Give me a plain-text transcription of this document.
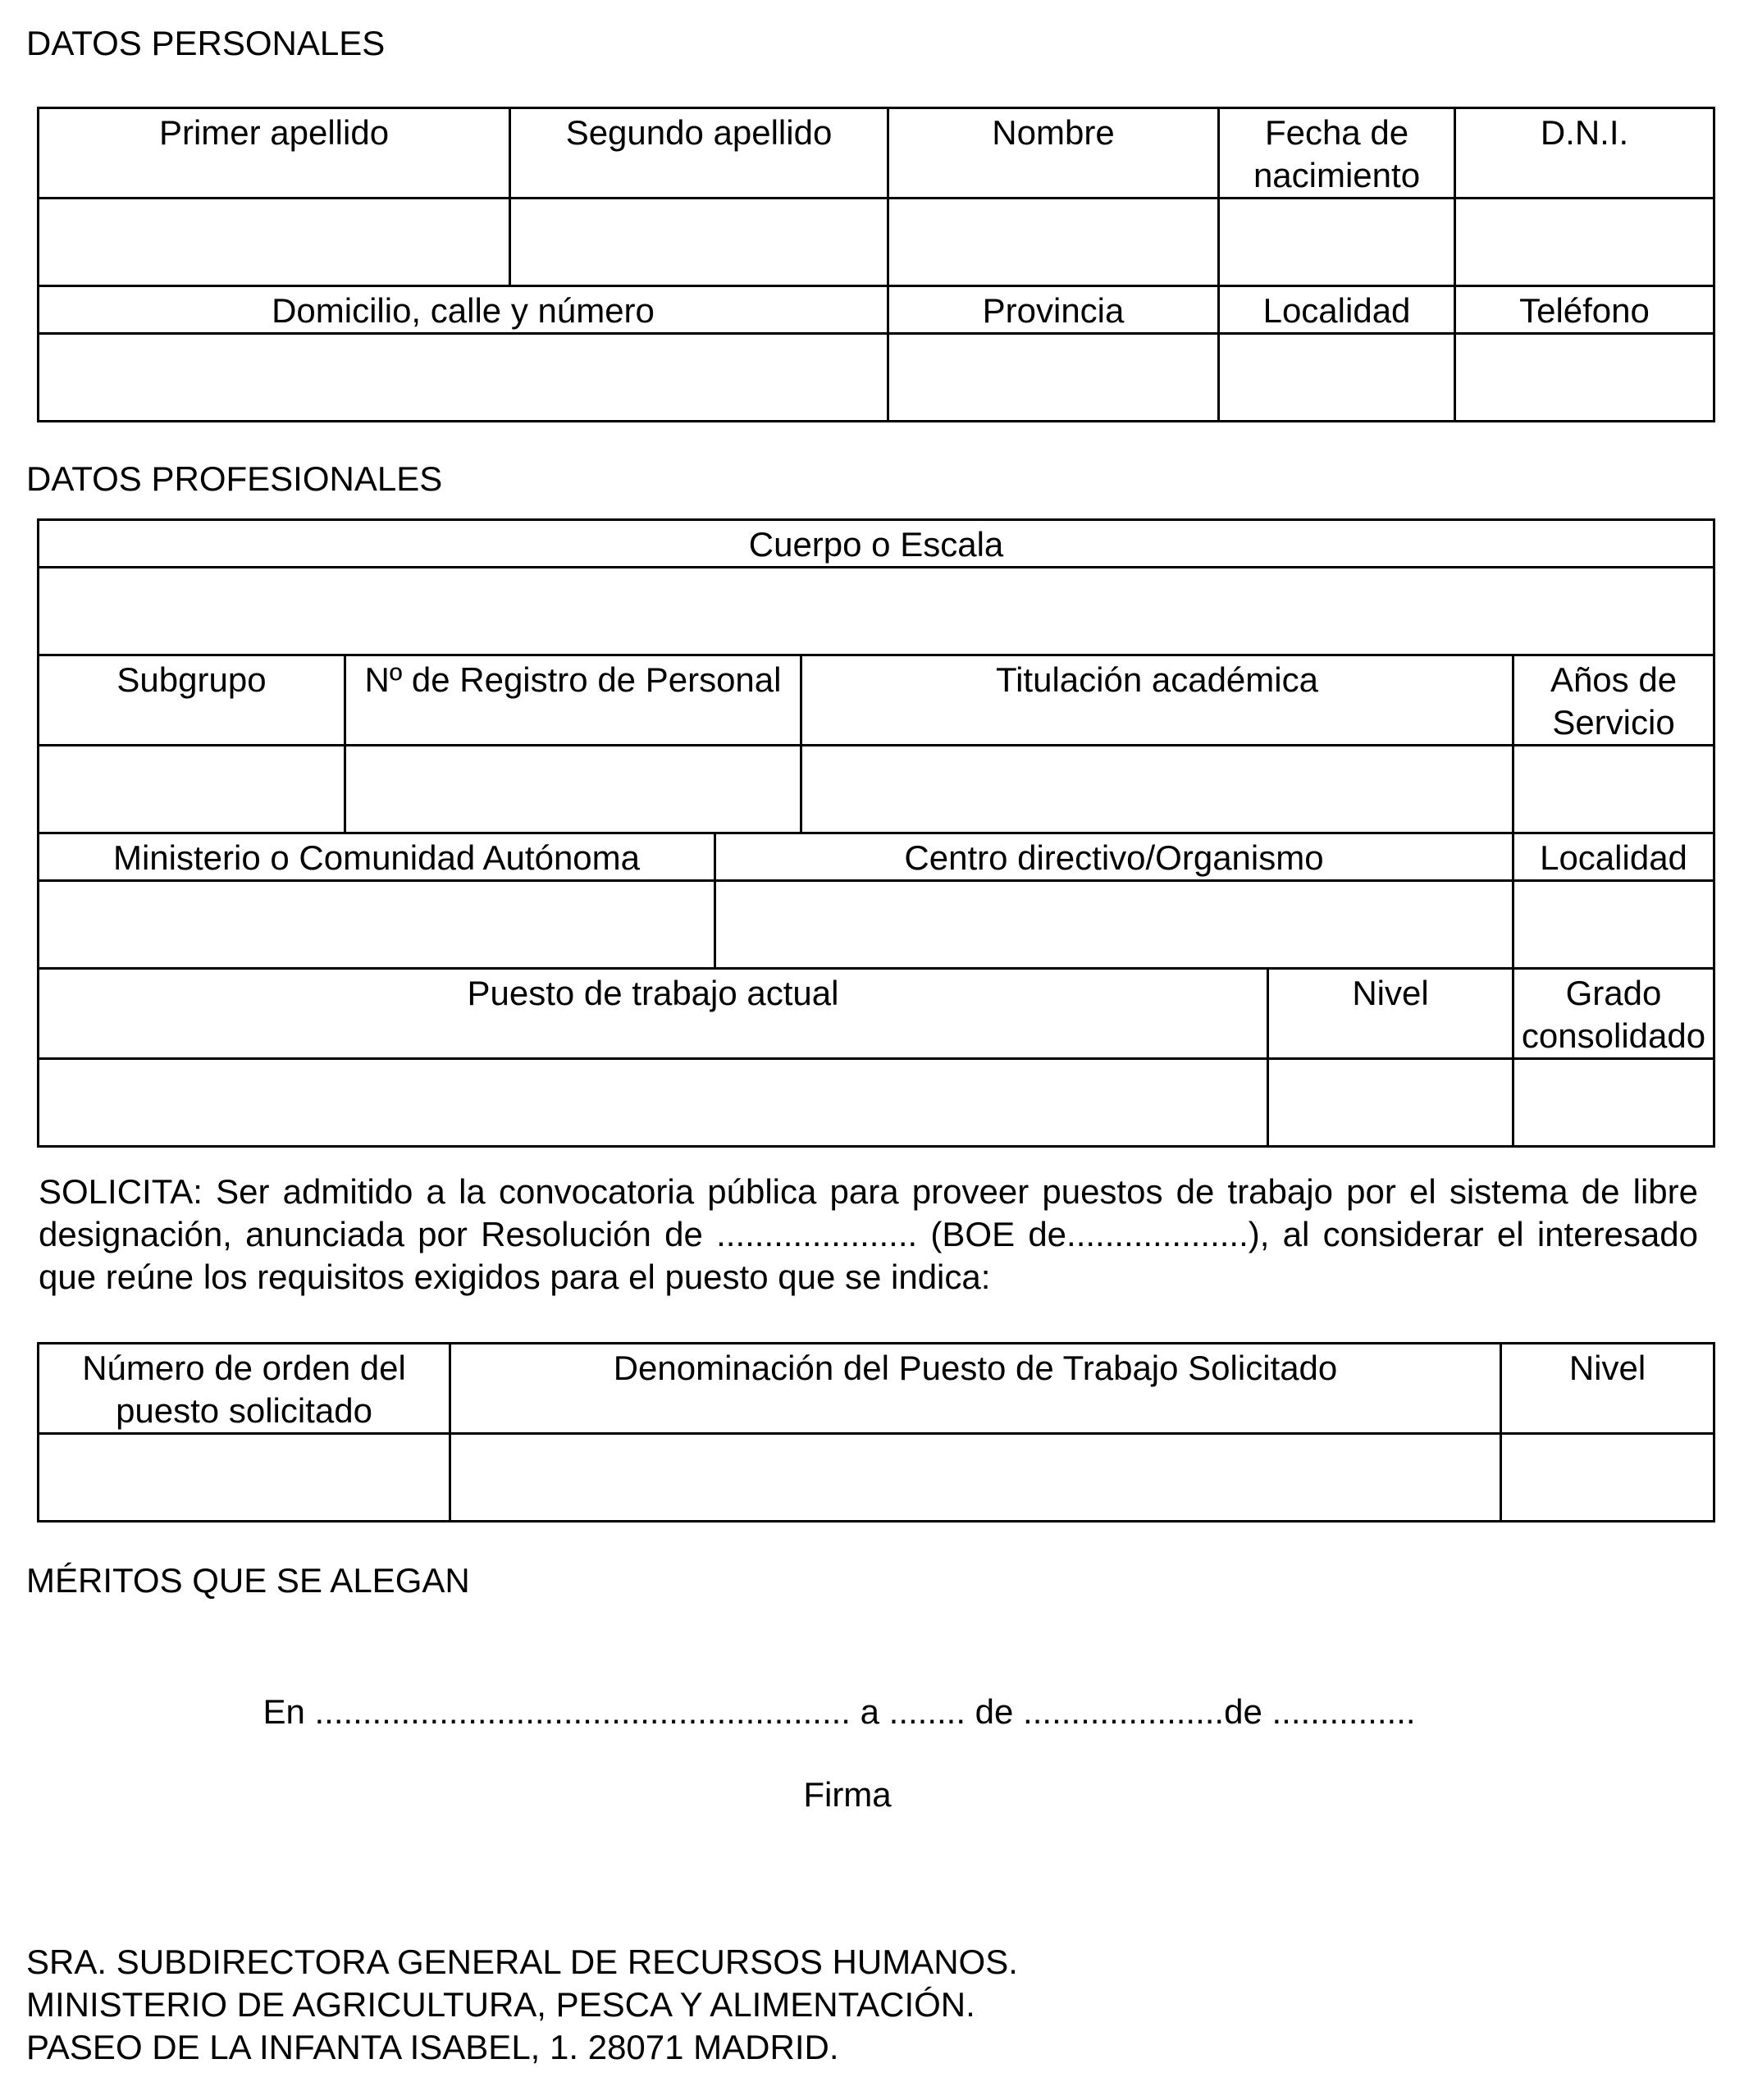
DATOS PERSONALES
Primer apellido	Segundo apellido	Nombre	Fecha de nacimiento	D.N.I.

Domicilio, calle y número		Provincia	Localidad	Teléfono

DATOS PROFESIONALES
Cuerpo o Escala					

Subgrupo	Nº de Registro de Personal		Titulación académica		Años de Servicio

Ministerio o Comunidad Autónoma		Centro directivo/Organismo			Localidad

Puesto de trabajo actual				Nivel	Grado consolidado

SOLICITA: Ser admitido a la convocatoria pública para proveer puestos de trabajo por el sistema de libre designación, anunciada por Resolución de ..................... (BOE de...................), al considerar el interesado que reúne los requisitos exigidos para el puesto que se indica:
Número de orden del puesto solicitado	Denominación del Puesto de Trabajo Solicitado	Nivel

MÉRITOS QUE SE ALEGAN
En ........................................................ a ........ de .....................de ...............
Firma
SRA. SUBDIRECTORA GENERAL DE RECURSOS HUMANOS.
MINISTERIO DE AGRICULTURA, PESCA Y ALIMENTACIÓN.
PASEO DE LA INFANTA ISABEL, 1. 28071 MADRID.
